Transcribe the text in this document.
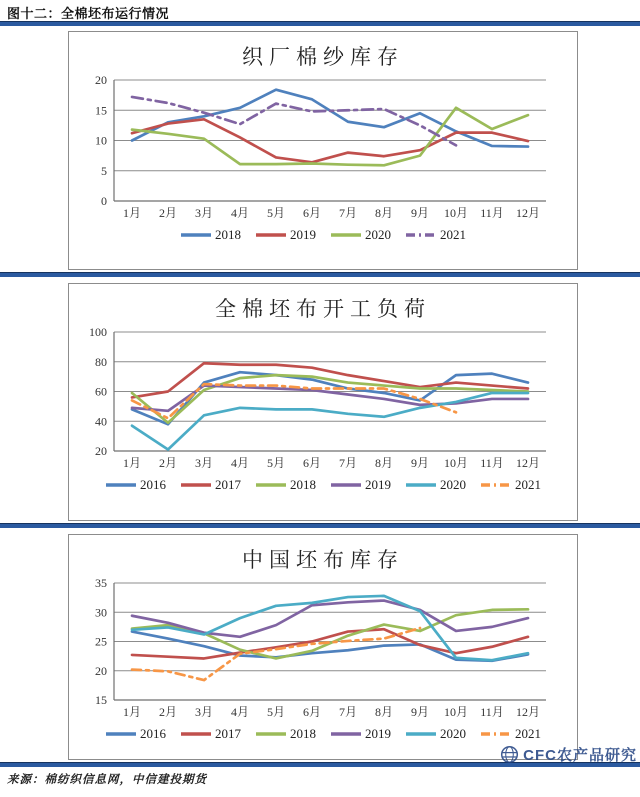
图十二：全棉坯布运行情况
织厂棉纱库存
0
5
10
15
20
1月 2月 3月 4月 5月 6月 7月 8月 9月 10月 11月 12月
2018	2019	2020	2021
全棉坯布开工负荷
20
40
60
80
100
1月 2月 3月 4月 5月 6月 7月 8月 9月 10月 11月 12月
2016	2017	2018	2019	2020	2021
中国坯布库存
15
20
25
30
35
1月 2月 3月 4月 5月 6月 7月 8月 9月 10月 11月 12月
2016	2017	2018	2019	2020	2021
来源：棉纺织信息网，中信建投期货
CFC农产品研究
